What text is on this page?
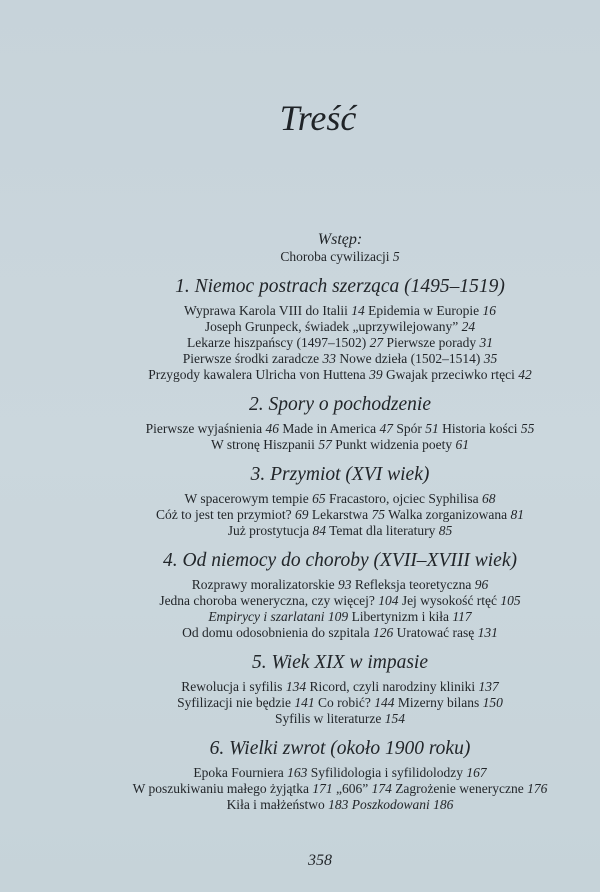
Treść
Wstęp:
Choroba cywilizacji 5
1. Niemoc postrach szerząca (1495–1519)
Wyprawa Karola VIII do Italii 14 Epidemia w Europie 16
Joseph Grunpeck, świadek „uprzywilejowany” 24
Lekarze hiszpańscy (1497–1502) 27 Pierwsze porady 31
Pierwsze środki zaradcze 33 Nowe dzieła (1502–1514) 35
Przygody kawalera Ulricha von Huttena 39 Gwajak przeciwko rtęci 42
2. Spory o pochodzenie
Pierwsze wyjaśnienia 46 Made in America 47 Spór 51 Historia kości 55
W stronę Hiszpanii 57 Punkt widzenia poety 61
3. Przymiot (XVI wiek)
W spacerowym tempie 65 Fracastoro, ojciec Syphilisa 68
Cóż to jest ten przymiot? 69 Lekarstwa 75 Walka zorganizowana 81
Już prostytucja 84 Temat dla literatury 85
4. Od niemocy do choroby (XVII–XVIII wiek)
Rozprawy moralizatorskie 93 Refleksja teoretyczna 96
Jedna choroba weneryczna, czy więcej? 104 Jej wysokość rtęć 105
Empirycy i szarlatani 109 Libertynizm i kiła 117
Od domu odosobnienia do szpitala 126 Uratować rasę 131
5. Wiek XIX w impasie
Rewolucja i syfilis 134 Ricord, czyli narodziny kliniki 137
Syfilizacji nie będzie 141 Co robić? 144 Mizerny bilans 150
Syfilis w literaturze 154
6. Wielki zwrot (około 1900 roku)
Epoka Fourniera 163 Syfilidologia i syfilidolodzy 167
W poszukiwaniu małego żyjątka 171 „606” 174 Zagrożenie weneryczne 176
Kiła i małżeństwo 183 Poszkodowani 186
358
